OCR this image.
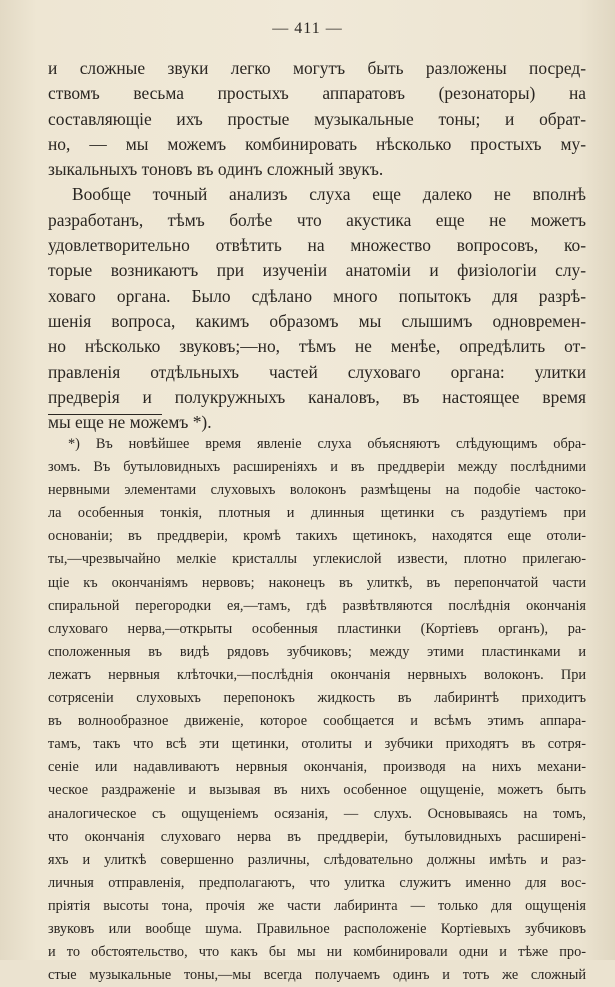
— 411 —
и сложные звуки легко могутъ быть разложены посред-
ствомъ весьма простыхъ аппаратовъ (резонаторы) на
составляющіе ихъ простые музыкальные тоны; и обрат-
но, — мы можемъ комбинировать нѣсколько простыхъ му-
зыкальныхъ тоновъ въ одинъ сложный звукъ.
Вообще точный анализъ слуха еще далеко не вполнѣ
разработанъ, тѣмъ болѣе что акустика еще не можетъ
удовлетворительно отвѣтить на множество вопросовъ, ко-
торые возникаютъ при изученіи анатоміи и физіологіи слу-
ховаго органа. Было сдѣлано много попытокъ для разрѣ-
шенія вопроса, какимъ образомъ мы слышимъ одновремен-
но нѣсколько звуковъ;—но, тѣмъ не менѣе, опредѣлить от-
правленія отдѣльныхъ частей слуховаго органа: улитки
предверія и полукружныхъ каналовъ, въ настоящее время
мы еще не можемъ *).
*) Въ новѣйшее время явленіе слуха объясняютъ слѣдующимъ обра-
зомъ. Въ бутыловидныхъ расширеніяхъ и въ преддверіи между послѣдними
нервными элементами слуховыхъ волоконъ размѣщены на подобіе частоко-
ла особенныя тонкія, плотныя и длинныя щетинки съ раздутіемъ при
основаніи; въ преддверіи, кромѣ такихъ щетинокъ, находятся еще отоли-
ты,—чрезвычайно мелкіе кристаллы углекислой извести, плотно прилегаю-
щіе къ окончаніямъ нервовъ; наконецъ въ улиткѣ, въ перепончатой части
спиральной перегородки ея,—тамъ, гдѣ развѣтвляются послѣднія окончанія
слуховаго нерва,—открыты особенныя пластинки (Кортіевъ органъ), ра-
сположенныя въ видѣ рядовъ зубчиковъ; между этими пластинками и
лежатъ нервныя клѣточки,—послѣднія окончанія нервныхъ волоконъ. При
сотрясеніи слуховыхъ перепонокъ жидкость въ лабиринтѣ приходитъ
въ волнообразное движеніе, которое сообщается и всѣмъ этимъ аппара-
тамъ, такъ что всѣ эти щетинки, отолиты и зубчики приходятъ въ сотря-
сеніе или надавливаютъ нервныя окончанія, производя на нихъ механи-
ческое раздраженіе и вызывая въ нихъ особенное ощущеніе, можетъ быть
аналогическое съ ощущеніемъ осязанія, — слухъ. Основываясь на томъ,
что окончанія слуховаго нерва въ преддверіи, бутыловидныхъ расширені-
яхъ и улиткѣ совершенно различны, слѣдовательно должны имѣть и раз-
личныя отправленія, предполагаютъ, что улитка служитъ именно для вос-
пріятія высоты тона, прочія же части лабиринта — только для ощущенія
звуковъ или вообще шума. Правильное расположеніе Кортіевыхъ зубчиковъ
и то обстоятельство, что какъ бы мы ни комбинировали одни и тѣже про-
стые музыкальные тоны,—мы всегда получаемъ одинъ и тотъ же сложный
